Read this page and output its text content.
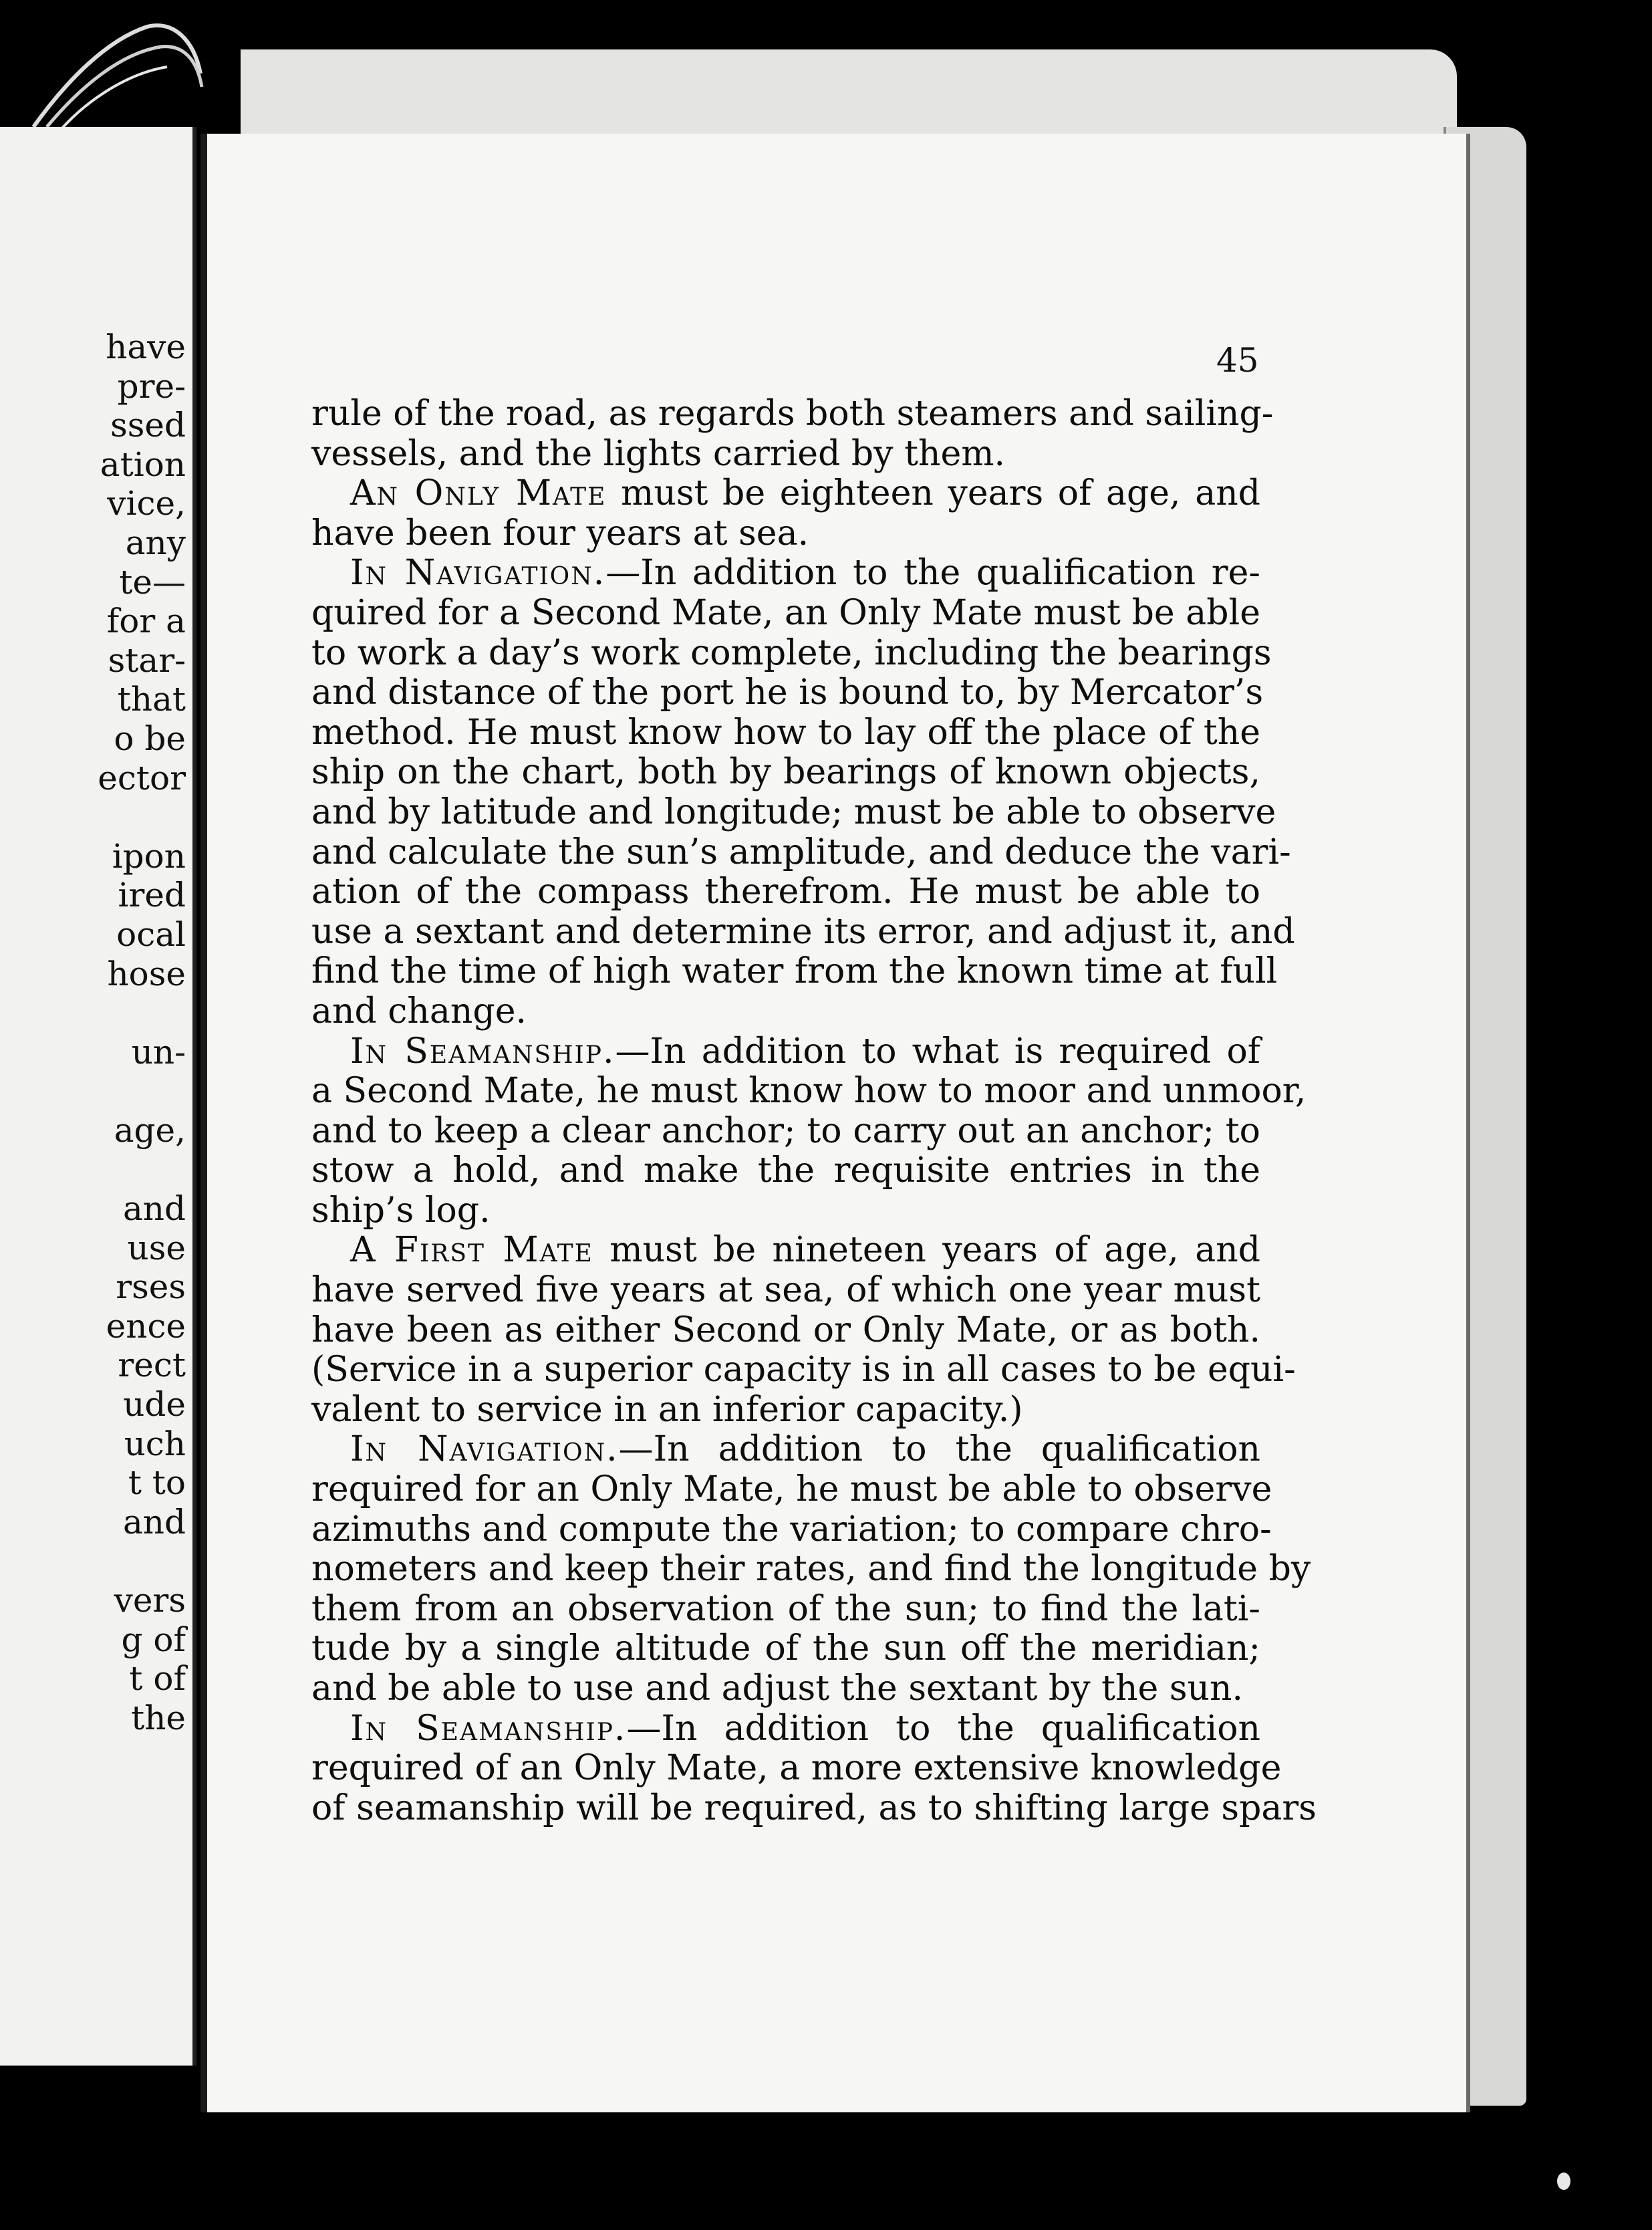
have
pre-
ssed
ation
vice,
any
te—
for a
star-
that
o be
ector
ipon
ired
ocal
hose
un-
age,
and
use
rses
ence
rect
ude
uch
t to
and
vers
g of
t of
the
45
rule of the road, as regards both steamers and sailing-
vessels, and the lights carried by them.
An Only Mate must be eighteen years of age, and
have been four years at sea.
In Navigation.—In addition to the qualification re-
quired for a Second Mate, an Only Mate must be able
to work a day’s work complete, including the bearings
and distance of the port he is bound to, by Mercator’s
method. He must know how to lay off the place of the
ship on the chart, both by bearings of known objects,
and by latitude and longitude; must be able to observe
and calculate the sun’s amplitude, and deduce the vari-
ation of the compass therefrom. He must be able to
use a sextant and determine its error, and adjust it, and
find the time of high water from the known time at full
and change.
In Seamanship.—In addition to what is required of
a Second Mate, he must know how to moor and unmoor,
and to keep a clear anchor; to carry out an anchor; to
stow a hold, and make the requisite entries in the
ship’s log.
A First Mate must be nineteen years of age, and
have served five years at sea, of which one year must
have been as either Second or Only Mate, or as both.
(Service in a superior capacity is in all cases to be equi-
valent to service in an inferior capacity.)
In Navigation.—In addition to the qualification
required for an Only Mate, he must be able to observe
azimuths and compute the variation; to compare chro-
nometers and keep their rates, and find the longitude by
them from an observation of the sun; to find the lati-
tude by a single altitude of the sun off the meridian;
and be able to use and adjust the sextant by the sun.
In Seamanship.—In addition to the qualification
required of an Only Mate, a more extensive knowledge
of seamanship will be required, as to shifting large spars
